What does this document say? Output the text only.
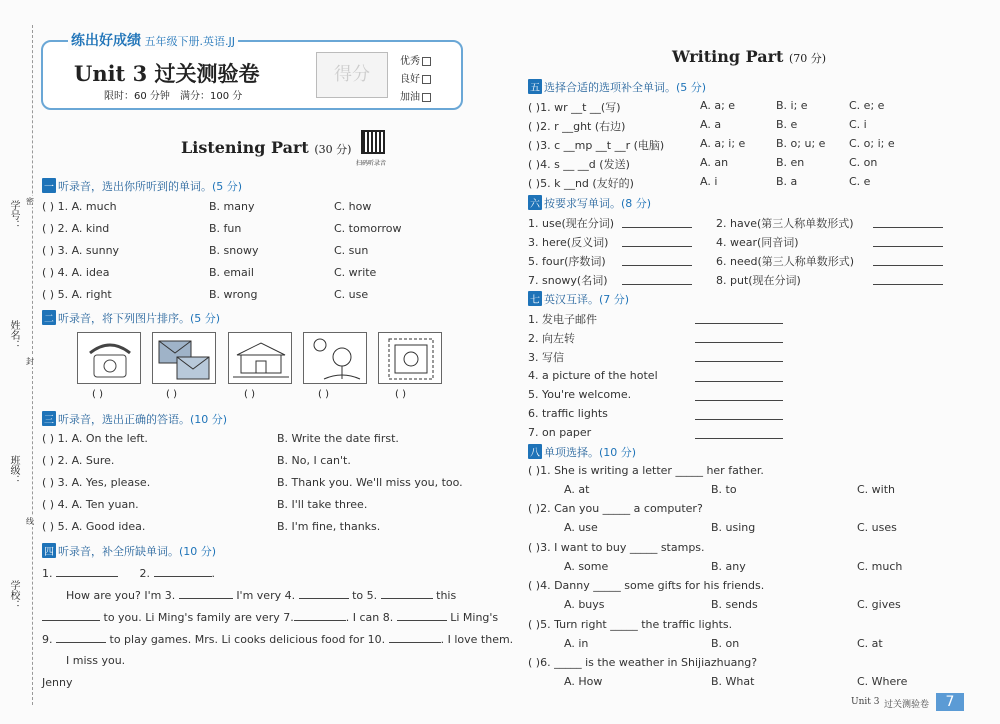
学号：
姓名：
班级：
学校：
密
封
线
练出好成绩 五年级下册.英语.JJ
Unit 3 过关测验卷
限时：60 分钟 满分：100 分
得分
优秀
良好
加油
Listening Part (30 分)
扫码听录音
一 听录音，选出你所听到的单词。(5 分)
( ) 1. A. much	B. many	C. how
( ) 2. A. kind	B. fun	C. tomorrow
( ) 3. A. sunny	B. snowy	C. sun
( ) 4. A. idea	B. email	C. write
( ) 5. A. right	B. wrong	C. use
二 听录音，将下列图片排序。(5 分)
( )	( )	( )	( )	( )
三 听录音，选出正确的答语。(10 分)
( ) 1. A. On the left.	B. Write the date first.
( ) 2. A. Sure.	B. No, I can't.
( ) 3. A. Yes, please.	B. Thank you. We'll miss you, too.
( ) 4. A. Ten yuan.	B. I'll take three.
( ) 5. A. Good idea.	B. I'm fine, thanks.
四 听录音，补全所缺单词。(10 分)
1.	2.	.
How are you? I'm 3.	I'm very 4.	to 5.	this
to you. Li Ming's family are very 7.	. I can 8.	Li Ming's
9.	to play games. Mrs. Li cooks delicious food for 10.	. I love them.
I miss you.
Jenny
Writing Part (70 分)
五 选择合适的选项补全单词。(5 分)
( )1. wr __t __(写)	A. a; e	B. i; e	C. e; e
( )2. r __ght (右边)	A. a	B. e	C. i
( )3. c __mp __t __r (电脑)	A. a; i; e	B. o; u; e C. o; i; e
( )4. s __ __d (发送)	A. an	B. en	C. on
( )5. k __nd (友好的)	A. i	B. a	C. e
六 按要求写单词。(8 分)
1. use(现在分词)	2. have(第三人称单数形式)
3. here(反义词)	4. wear(同音词)
5. four(序数词)	6. need(第三人称单数形式)
7. snowy(名词)	8. put(现在分词)
七 英汉互译。(7 分)
1. 发电子邮件
2. 向左转
3. 写信
4. a picture of the hotel
5. You're welcome.
6. traffic lights
7. on paper
八 单项选择。(10 分)
( )1. She is writing a letter _____ her father.
A. at	B. to	C. with
( )2. Can you _____ a computer?
A. use	B. using	C. uses
( )3. I want to buy _____ stamps.
A. some	B. any	C. much
( )4. Danny _____ some gifts for his friends.
A. buys	B. sends	C. gives
( )5. Turn right _____ the traffic lights.
A. in	B. on	C. at
( )6. _____ is the weather in Shijiazhuang?
A. How	B. What	C. Where
Unit 3 过关测验卷	7
